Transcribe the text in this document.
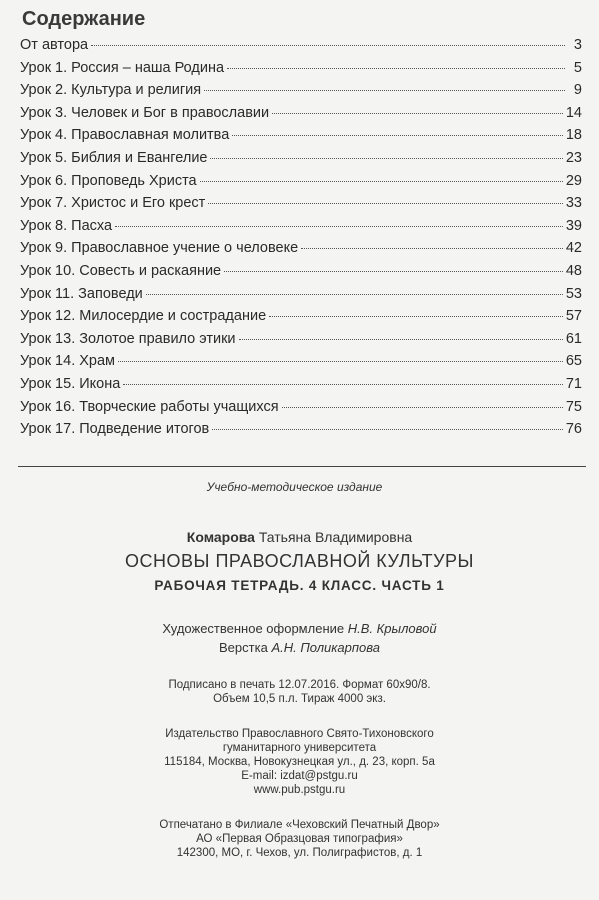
Содержание
От автора	3
Урок 1. Россия – наша Родина	5
Урок 2. Культура и религия	9
Урок 3. Человек и Бог в православии	14
Урок 4. Православная молитва	18
Урок 5. Библия и Евангелие	23
Урок 6. Проповедь Христа	29
Урок 7. Христос и Его крест	33
Урок 8. Пасха	39
Урок 9. Православное учение о человеке	42
Урок 10. Совесть и раскаяние	48
Урок 11. Заповеди	53
Урок 12. Милосердие и сострадание	57
Урок 13. Золотое правило этики	61
Урок 14. Храм	65
Урок 15. Икона	71
Урок 16. Творческие работы учащихся	75
Урок 17. Подведение итогов	76
Учебно-методическое издание
Комарова Татьяна Владимировна
ОСНОВЫ ПРАВОСЛАВНОЙ КУЛЬТУРЫ
РАБОЧАЯ ТЕТРАДЬ. 4 КЛАСС. ЧАСТЬ 1
Художественное оформление Н.В. Крыловой
Верстка А.Н. Поликарпова
Подписано в печать 12.07.2016. Формат 60х90/8.
Объем 10,5 п.л. Тираж 4000 экз.
Издательство Православного Свято-Тихоновского
гуманитарного университета
115184, Москва, Новокузнецкая ул., д. 23, корп. 5а
E-mail: izdat@pstgu.ru
www.pub.pstgu.ru
Отпечатано в Филиале «Чеховский Печатный Двор»
АО «Первая Образцовая типография»
142300, МО, г. Чехов, ул. Полиграфистов, д. 1
